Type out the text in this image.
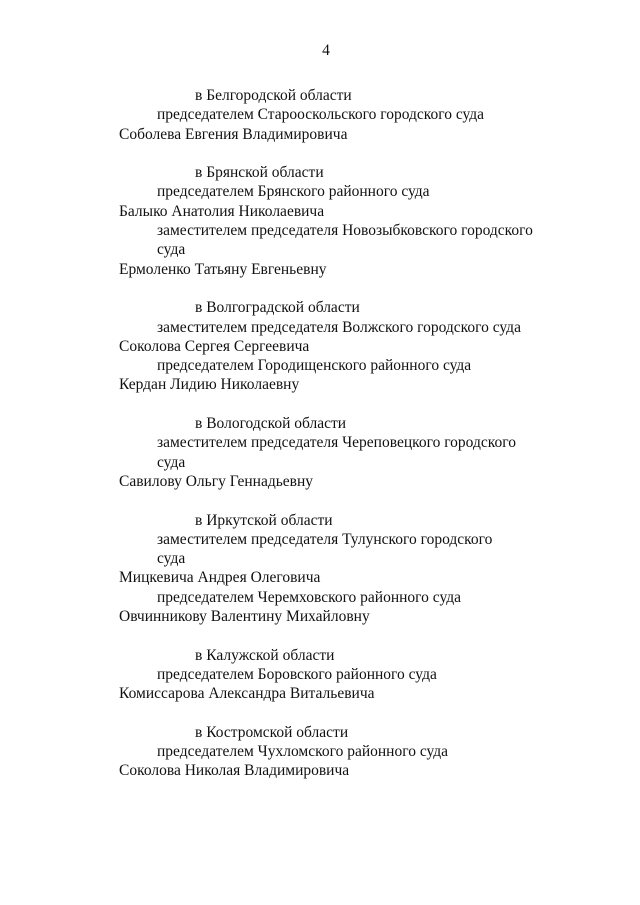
4
в Белгородской области
председателем Старооскольского городского суда
Соболева Евгения Владимировича
в Брянской области
председателем Брянского районного суда
Балыко Анатолия Николаевича
заместителем председателя Новозыбковского городского
суда
Ермоленко Татьяну Евгеньевну
в Волгоградской области
заместителем председателя Волжского городского суда
Соколова Сергея Сергеевича
председателем Городищенского районного суда
Кердан Лидию Николаевну
в Вологодской области
заместителем председателя Череповецкого городского
суда
Савилову Ольгу Геннадьевну
в Иркутской области
заместителем председателя Тулунского городского
суда
Мицкевича Андрея Олеговича
председателем Черемховского районного суда
Овчинникову Валентину Михайловну
в Калужской области
председателем Боровского районного суда
Комиссарова Александра Витальевича
в Костромской области
председателем Чухломского районного суда
Соколова Николая Владимировича
